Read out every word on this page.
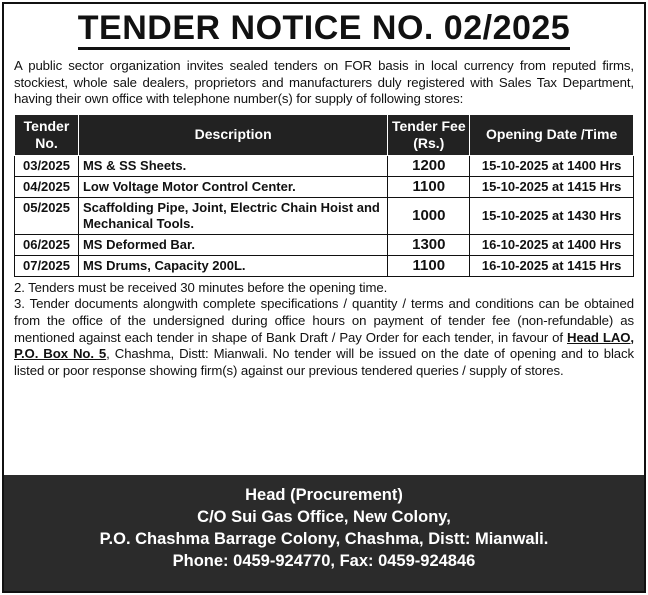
TENDER NOTICE NO. 02/2025

A public sector organization invites sealed tenders on FOR basis in local currency from reputed firms, stockiest, whole sale dealers, proprietors and manufacturers duly registered with Sales Tax Department, having their own office with telephone number(s) for supply of following stores:

Tender No.	Description	Tender Fee (Rs.)	Opening Date /Time
03/2025	MS & SS Sheets.	1200	15-10-2025 at 1400 Hrs
04/2025	Low Voltage Motor Control Center.	1100	15-10-2025 at 1415 Hrs
05/2025	Scaffolding Pipe, Joint, Electric Chain Hoist and Mechanical Tools.	1000	15-10-2025 at 1430 Hrs
06/2025	MS Deformed Bar.	1300	16-10-2025 at 1400 Hrs
07/2025	MS Drums, Capacity 200L.	1100	16-10-2025 at 1415 Hrs

2. Tenders must be received 30 minutes before the opening time.

3. Tender documents alongwith complete specifications / quantity / terms and conditions can be obtained from the office of the undersigned during office hours on payment of tender fee (non-refundable) as mentioned against each tender in shape of Bank Draft / Pay Order for each tender, in favour of Head LAO, P.O. Box No. 5, Chashma, Distt: Mianwali. No tender will be issued on the date of opening and to black listed or poor response showing firm(s) against our previous tendered queries / supply of stores.

Head (Procurement)
C/O Sui Gas Office, New Colony,
P.O. Chashma Barrage Colony, Chashma, Distt: Mianwali.
Phone: 0459-924770, Fax: 0459-924846
